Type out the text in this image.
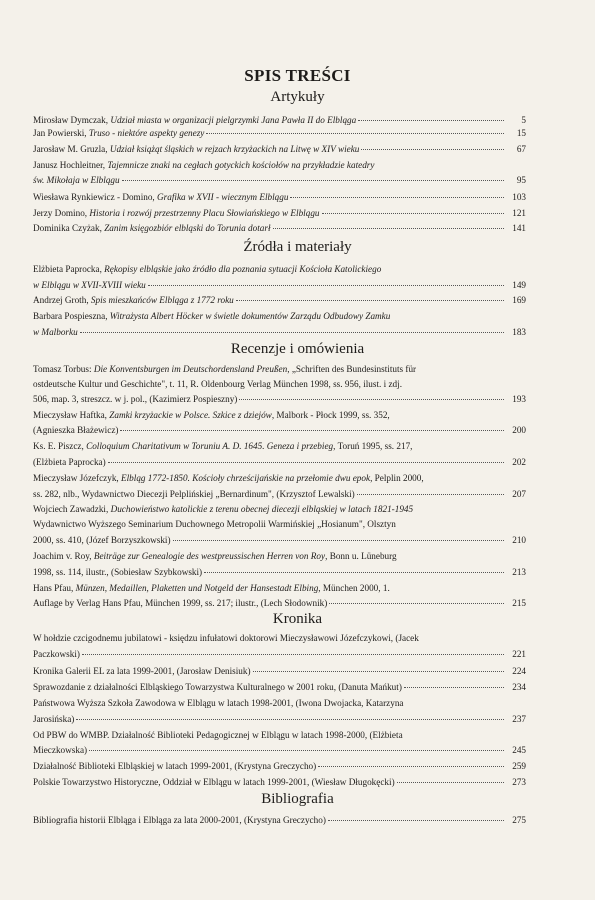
SPIS TREŚCI
Artykuły
Mirosław Dymczak, Udział miasta w organizacji pielgrzymki Jana Pawła II do Elbląga	5
Jan Powierski, Truso - niektóre aspekty genezy	15
Jarosław M. Gruzla, Udział książąt śląskich w rejzach krzyżackich na Litwę w XIV wieku	67
Janusz Hochleitner, Tajemnicze znaki na cegłach gotyckich kościołów na przykładzie katedry
św. Mikołaja w Elblągu	95
Wiesława Rynkiewicz - Domino, Grafika w XVII - wiecznym Elblągu	103
Jerzy Domino, Historia i rozwój przestrzenny Placu Słowiańskiego w Elblągu	121
Dominika Czyżak, Zanim księgozbiór elbląski do Torunia dotarł	141
Źródła i materiały
Elżbieta Paprocka, Rękopisy elbląskie jako źródło dla poznania sytuacji Kościoła Katolickiego
w Elblągu w XVII-XVIII wieku	149
Andrzej Groth, Spis mieszkańców Elbląga z 1772 roku	169
Barbara Pospieszna, Witrażysta Albert Höcker w świetle dokumentów Zarządu Odbudowy Zamku
w Malborku	183
Recenzje i omówienia
Tomasz Torbus: Die Konventsburgen im Deutschordensland Preußen, „Schriften des Bundesinstituts für
ostdeutsche Kultur und Geschichte", t. 11, R. Oldenbourg Verlag München 1998, ss. 956, ilust. i zdj.
506, map. 3, streszcz. w j. pol., (Kazimierz Pospieszny)	193
Mieczysław Haftka, Zamki krzyżackie w Polsce. Szkice z dziejów, Malbork - Płock 1999, ss. 352,
(Agnieszka Błażewicz)	200
Ks. E. Piszcz, Colloquium Charitativum w Toruniu A. D. 1645. Geneza i przebieg, Toruń 1995, ss. 217,
(Elżbieta Paprocka)	202
Mieczysław Józefczyk, Elbląg 1772-1850. Kościoły chrześcijańskie na przełomie dwu epok, Pelplin 2000,
ss. 282, nlb., Wydawnictwo Diecezji Pelplińskiej „Bernardinum", (Krzysztof Lewalski)	207
Wojciech Zawadzki, Duchowieństwo katolickie z terenu obecnej diecezji elbląskiej w latach 1821-1945
Wydawnictwo Wyższego Seminarium Duchownego Metropolii Warmińskiej „Hosianum", Olsztyn
2000, ss. 410, (Józef Borzyszkowski)	210
Joachim v. Roy, Beiträge zur Genealogie des westpreussischen Herren von Roy, Bonn u. Lüneburg
1998, ss. 114, ilustr., (Sobiesław Szybkowski)	213
Hans Pfau, Münzen, Medaillen, Plaketten und Notgeld der Hansestadt Elbing, München 2000, 1.
Auflage by Verlag Hans Pfau, München 1999, ss. 217; ilustr., (Lech Słodownik)	215
Kronika
W hołdzie czcigodnemu jubilatowi - księdzu infułatowi doktorowi Mieczysławowi Józefczykowi, (Jacek
Paczkowski)	221
Kronika Galerii EL za lata 1999-2001, (Jarosław Denisiuk)	224
Sprawozdanie z działalności Elbląskiego Towarzystwa Kulturalnego w 2001 roku, (Danuta Mańkut)	234
Państwowa Wyższa Szkoła Zawodowa w Elblągu w latach 1998-2001, (Iwona Dwojacka, Katarzyna
Jarosińska)	237
Od PBW do WMBP. Działalność Biblioteki Pedagogicznej w Elblągu w latach 1998-2000, (Elżbieta
Mieczkowska)	245
Działalność Biblioteki Elbląskiej w latach 1999-2001, (Krystyna Greczycho)	259
Polskie Towarzystwo Historyczne, Oddział w Elblągu w latach 1999-2001, (Wiesław Długokęcki)	273
Bibliografia
Bibliografia historii Elbląga i Elbląga za lata 2000-2001, (Krystyna Greczycho)	275
